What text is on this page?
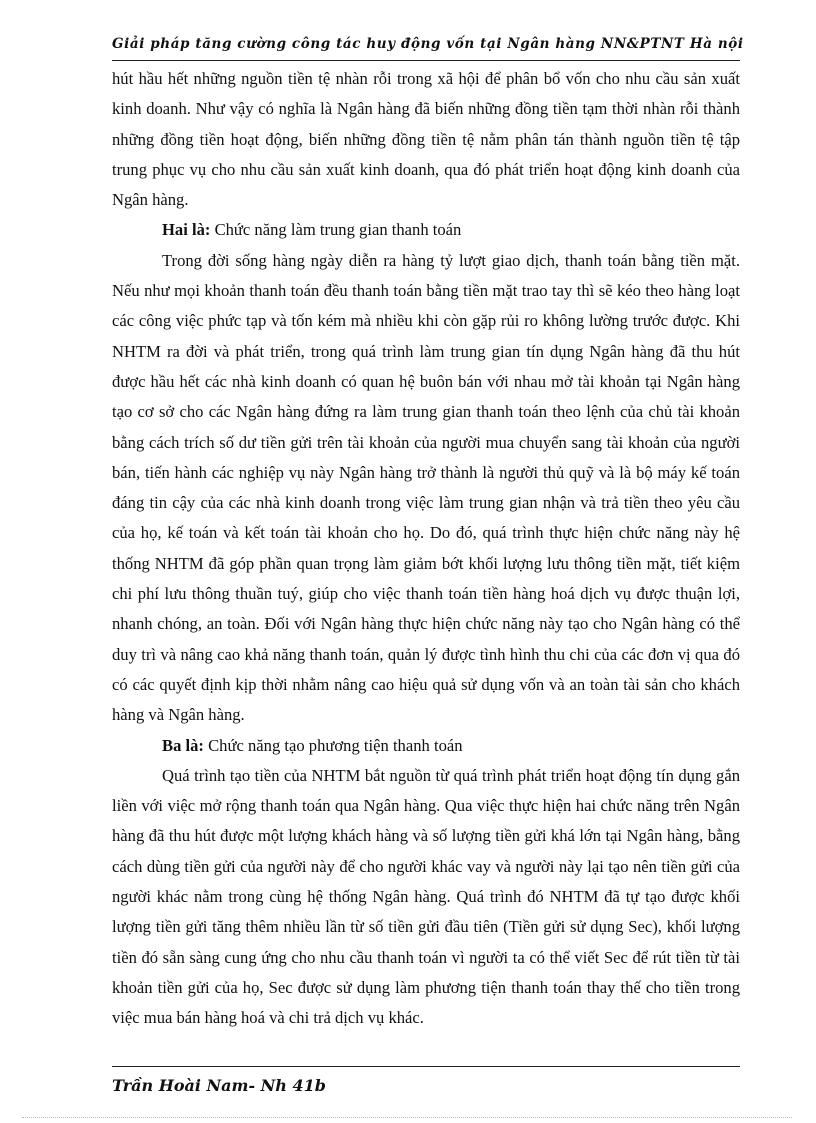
Giải pháp tăng cường công tác huy động vốn tại Ngân hàng NN&PTNT Hà nội

hút hầu hết những nguồn tiền tệ nhàn rỗi trong xã hội để phân bổ vốn cho nhu cầu sản xuất kinh doanh. Như vậy có nghĩa là Ngân hàng đã biến những đồng tiền tạm thời nhàn rỗi thành những đồng tiền hoạt động, biến những đồng tiền tệ nằm phân tán thành nguồn tiền tệ tập trung phục vụ cho nhu cầu sản xuất kinh doanh, qua đó phát triển hoạt động kinh doanh của Ngân hàng.

Hai là: Chức năng làm trung gian thanh toán

Trong đời sống hàng ngày diễn ra hàng tỷ lượt giao dịch, thanh toán bằng tiền mặt. Nếu như mọi khoản thanh toán đều thanh toán bằng tiền mặt trao tay thì sẽ kéo theo hàng loạt các công việc phức tạp và tốn kém mà nhiều khi còn gặp rủi ro không lường trước được. Khi NHTM ra đời và phát triển, trong quá trình làm trung gian tín dụng Ngân hàng đã thu hút được hầu hết các nhà kinh doanh có quan hệ buôn bán với nhau mở tài khoản tại Ngân hàng tạo cơ sở cho các Ngân hàng đứng ra làm trung gian thanh toán theo lệnh của chủ tài khoản bằng cách trích số dư tiền gửi trên tài khoản của người mua chuyển sang tài khoản của người bán, tiến hành các nghiệp vụ này Ngân hàng trở thành là người thủ quỹ và là bộ máy kế toán đáng tin cậy của các nhà kinh doanh trong việc làm trung gian nhận và trả tiền theo yêu cầu của họ, kế toán và kết toán tài khoản cho họ. Do đó, quá trình thực hiện chức năng này hệ thống NHTM đã góp phần quan trọng làm giảm bớt khối lượng lưu thông tiền mặt, tiết kiệm chi phí lưu thông thuần tuý, giúp cho việc thanh toán tiền hàng hoá dịch vụ được thuận lợi, nhanh chóng, an toàn. Đối với Ngân hàng thực hiện chức năng này tạo cho Ngân hàng có thể duy trì và nâng cao khả năng thanh toán, quản lý được tình hình thu chi của các đơn vị qua đó có các quyết định kịp thời nhằm nâng cao hiệu quả sử dụng vốn và an toàn tài sản cho khách hàng và Ngân hàng.

Ba là: Chức năng tạo phương tiện thanh toán

Quá trình tạo tiền của NHTM bắt nguồn từ quá trình phát triển hoạt động tín dụng gắn liền với việc mở rộng thanh toán qua Ngân hàng. Qua việc thực hiện hai chức năng trên Ngân hàng đã thu hút được một lượng khách hàng và số lượng tiền gửi khá lớn tại Ngân hàng, bằng cách dùng tiền gửi của người này để cho người khác vay và người này lại tạo nên tiền gửi của người khác nằm trong cùng hệ thống Ngân hàng. Quá trình đó NHTM đã tự tạo được khối lượng tiền gửi tăng thêm nhiều lần từ số tiền gửi đầu tiên (Tiền gửi sử dụng Sec), khối lượng tiền đó sẵn sàng cung ứng cho nhu cầu thanh toán vì người ta có thể viết Sec để rút tiền từ tài khoản tiền gửi của họ, Sec được sử dụng làm phương tiện thanh toán thay thế cho tiền trong việc mua bán hàng hoá và chi trả dịch vụ khác.

Trần Hoài Nam- Nh 41b
